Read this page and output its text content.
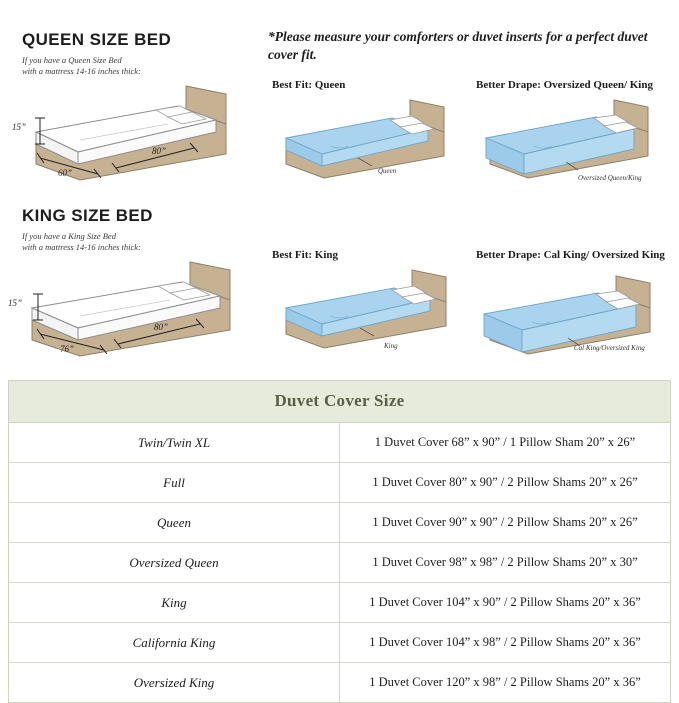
QUEEN SIZE BED
If you have a Queen Size Bed
with a mattress 14-16 inches thick:
15”
60”
80”
*Please measure your comforters or duvet inserts for a perfect duvet cover fit.
Best Fit: Queen
Queen
Better Drape: Oversized Queen/ King
Oversized Queen/King
KING SIZE BED
If you have a King Size Bed
with a mattress 14-16 inches thick:
15”
76”
80”
Best Fit: King
King
Better Drape: Cal King/ Oversized King
Cal King/Oversized King
Duvet Cover Size	
Twin/Twin XL	1 Duvet Cover 68” x 90” / 1 Pillow Sham 20” x 26”
Full	1 Duvet Cover 80” x 90” / 2 Pillow Shams 20” x 26”
Queen	1 Duvet Cover 90” x 90” / 2 Pillow Shams 20” x 26”
Oversized Queen	1 Duvet Cover 98” x 98” / 2 Pillow Shams 20” x 30”
King	1 Duvet Cover 104” x 90” / 2 Pillow Shams 20” x 36”
California King	1 Duvet Cover 104” x 98” / 2 Pillow Shams 20” x 36”
Oversized King	1 Duvet Cover 120” x 98” / 2 Pillow Shams 20” x 36”
